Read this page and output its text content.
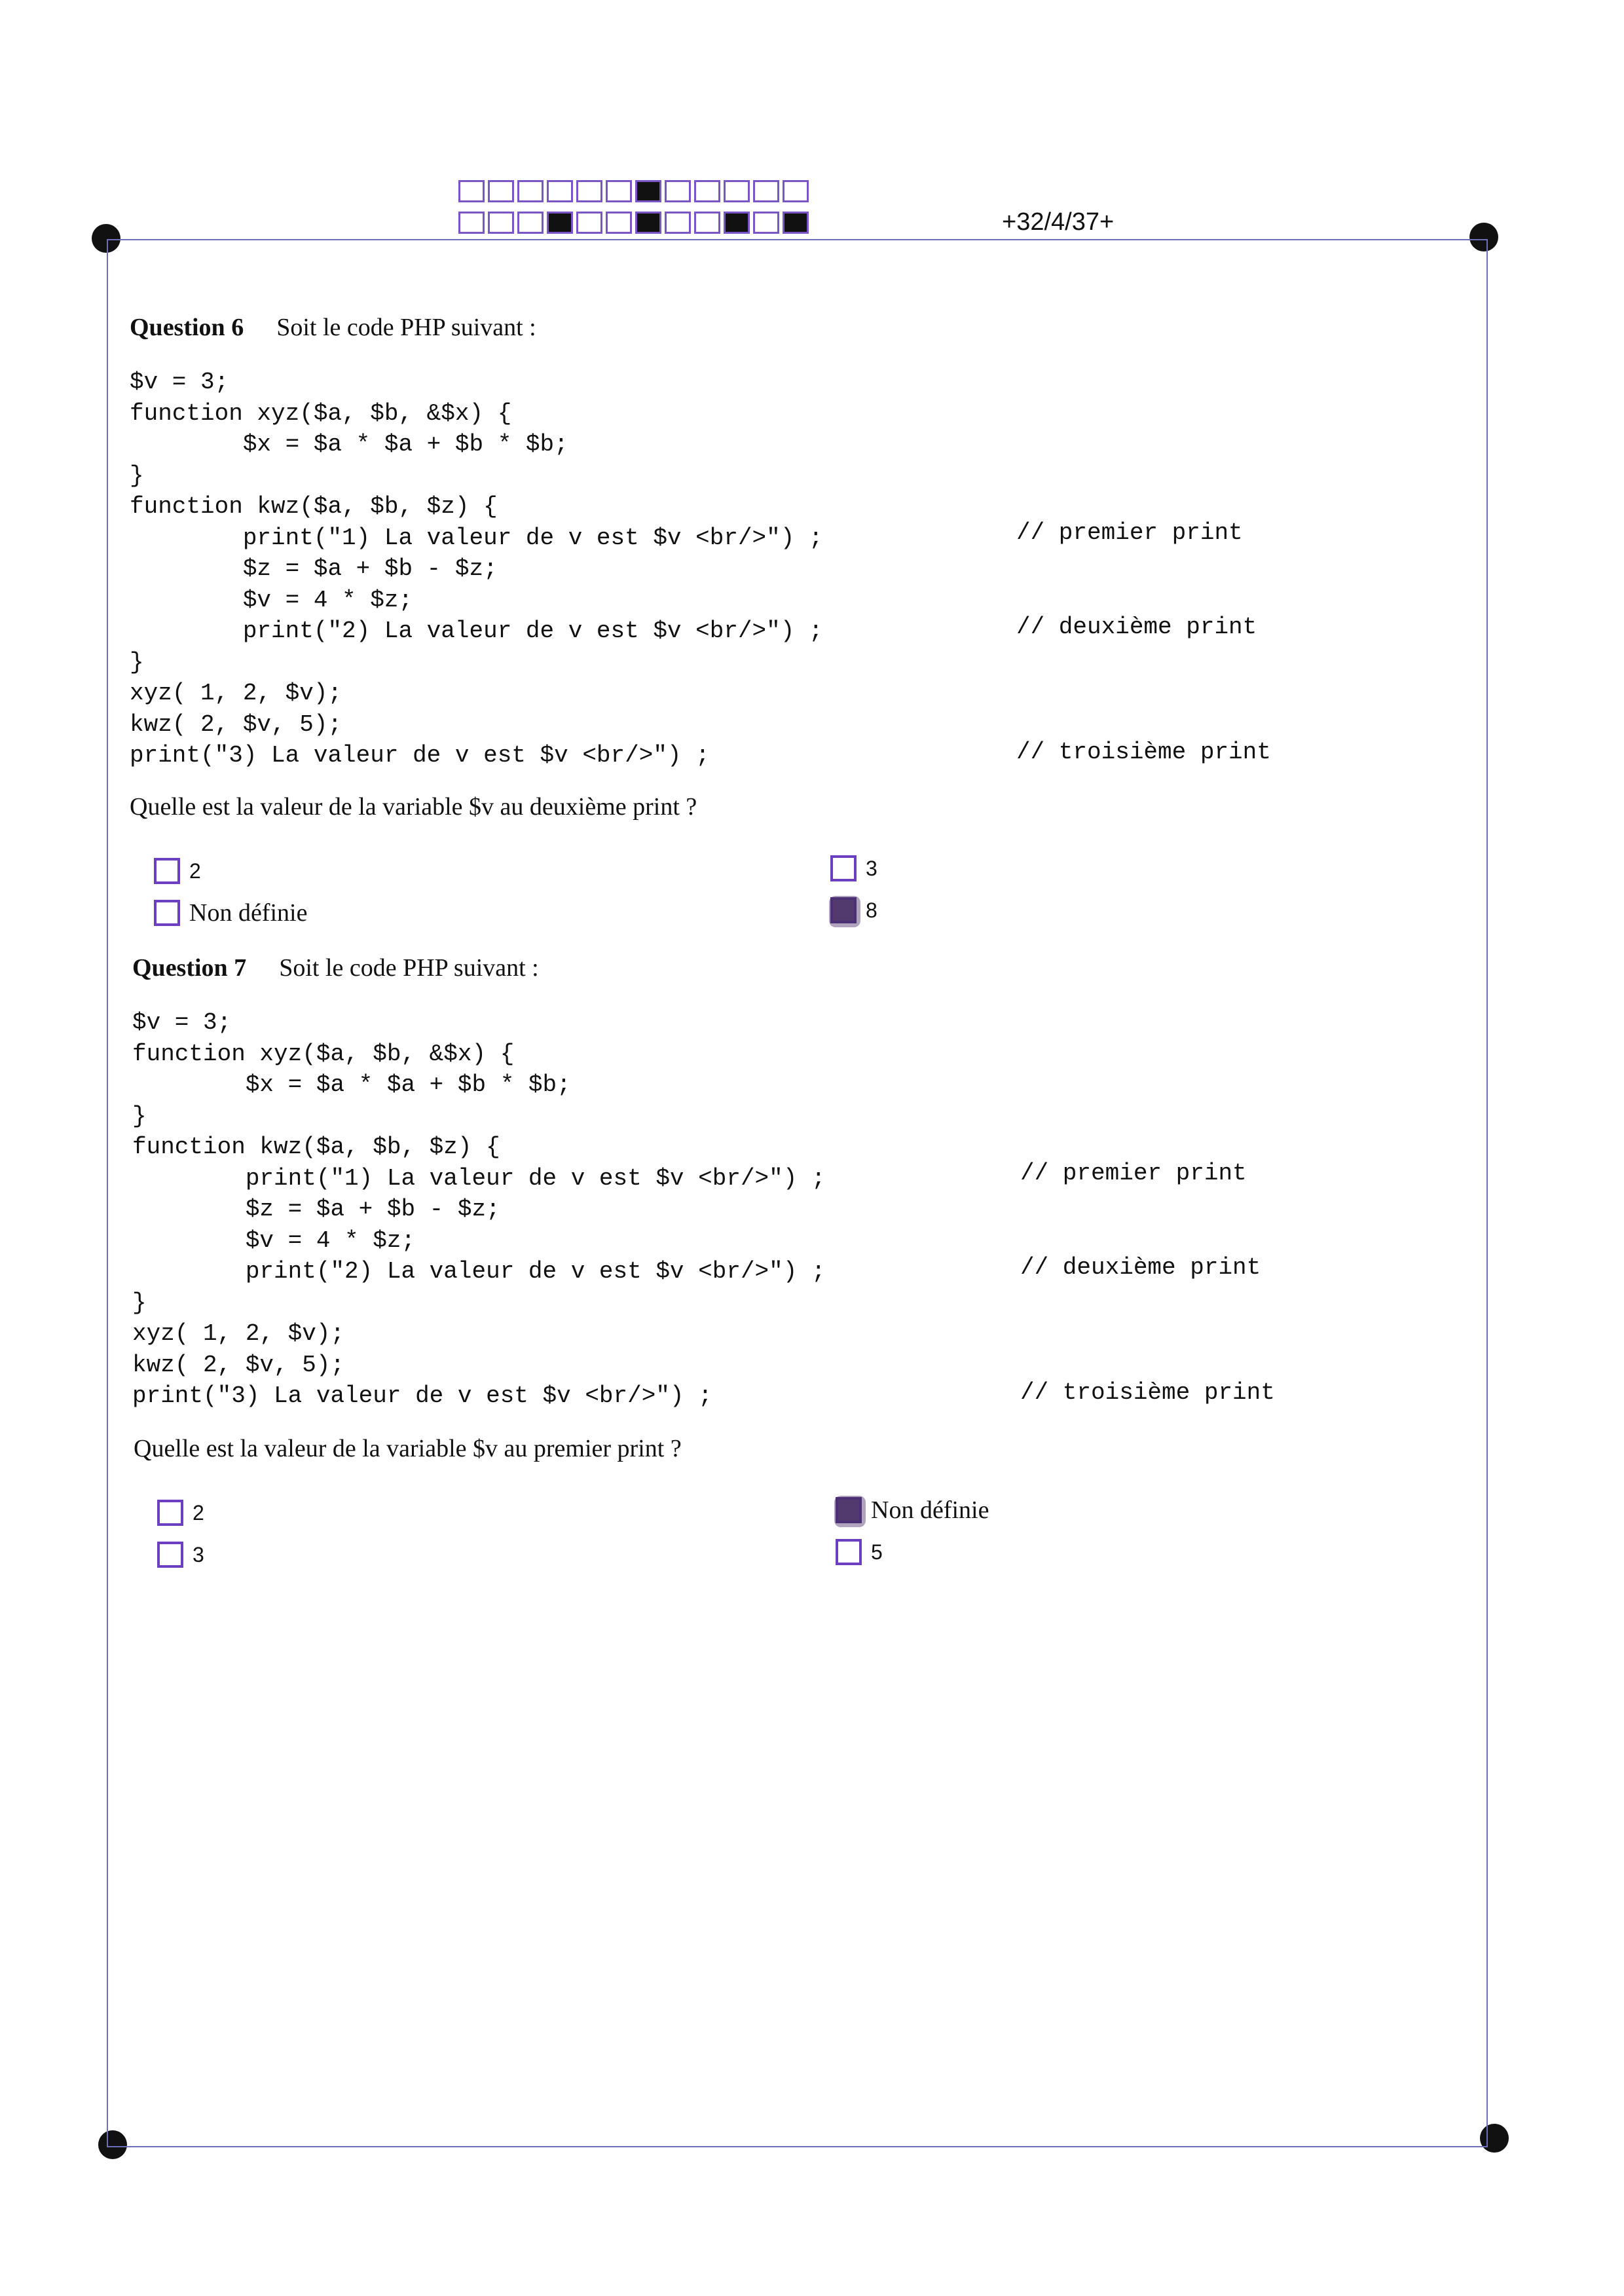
+32/4/37+
Question 6 Soit le code PHP suivant :
$v = 3;
function xyz($a, $b, &$x) {
$x = $a * $a + $b * $b;
}
function kwz($a, $b, $z) {
print("1) La valeur de v est $v <br/>") ;
$z = $a + $b - $z;
$v = 4 * $z;
print("2) La valeur de v est $v <br/>") ;
}
xyz( 1, 2, $v);
kwz( 2, $v, 5);
print("3) La valeur de v est $v <br/>") ;
// premier print
// deuxième print
// troisième print
Quelle est la valeur de la variable $v au deuxième print ?
2
Non définie
3
8
Question 7 Soit le code PHP suivant :
$v = 3;
function xyz($a, $b, &$x) {
$x = $a * $a + $b * $b;
}
function kwz($a, $b, $z) {
print("1) La valeur de v est $v <br/>") ;
$z = $a + $b - $z;
$v = 4 * $z;
print("2) La valeur de v est $v <br/>") ;
}
xyz( 1, 2, $v);
kwz( 2, $v, 5);
print("3) La valeur de v est $v <br/>") ;
// premier print
// deuxième print
// troisième print
Quelle est la valeur de la variable $v au premier print ?
2
3
Non définie
5
